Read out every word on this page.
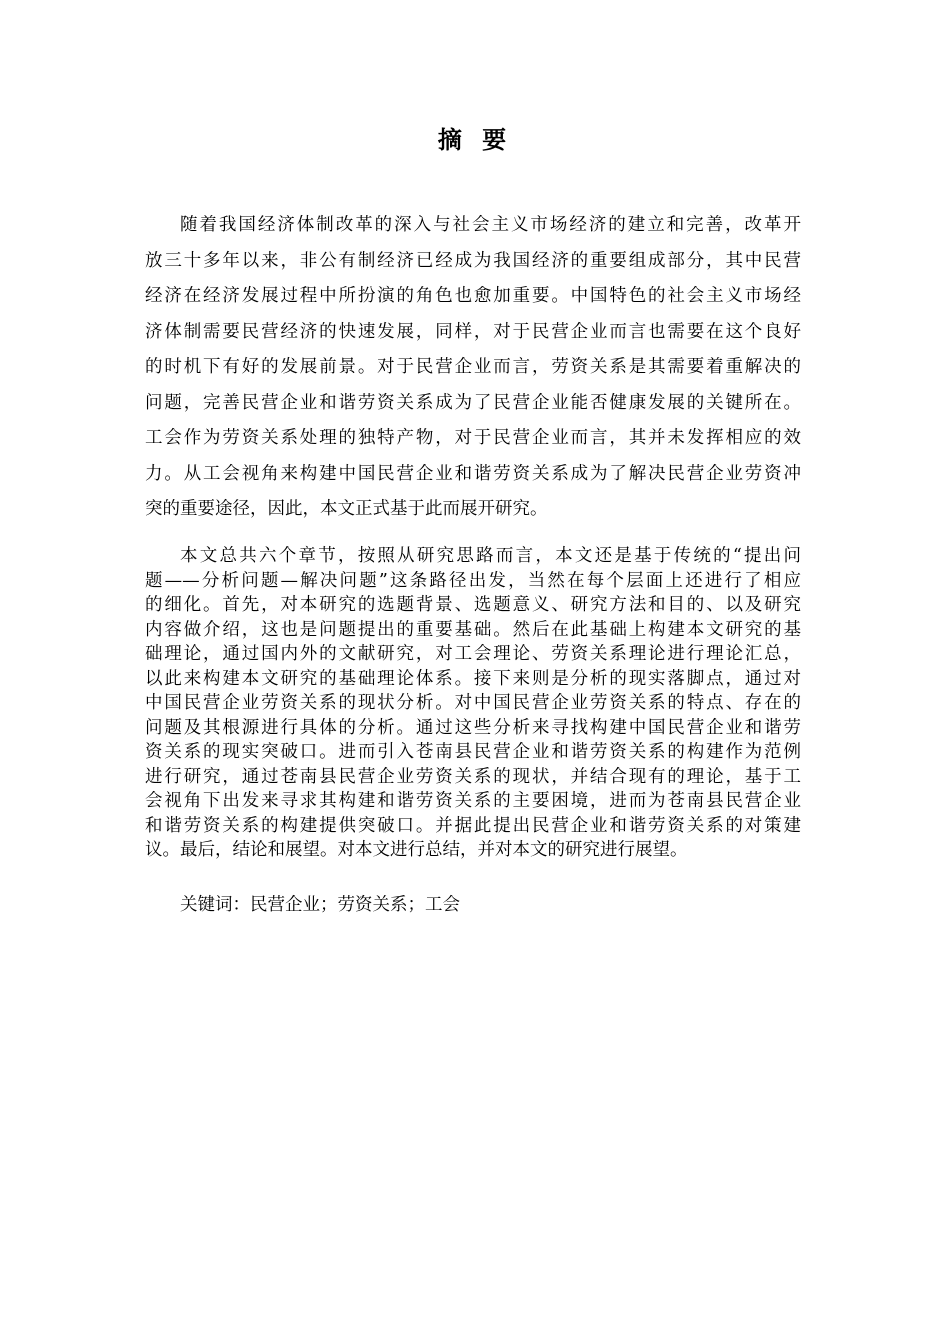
摘 要
随着我国经济体制改革的深入与社会主义市场经济的建立和完善，改革开
放三十多年以来，非公有制经济已经成为我国经济的重要组成部分，其中民营
经济在经济发展过程中所扮演的角色也愈加重要。中国特色的社会主义市场经
济体制需要民营经济的快速发展，同样，对于民营企业而言也需要在这个良好
的时机下有好的发展前景。对于民营企业而言，劳资关系是其需要着重解决的
问题，完善民营企业和谐劳资关系成为了民营企业能否健康发展的关键所在。
工会作为劳资关系处理的独特产物，对于民营企业而言，其并未发挥相应的效
力。从工会视角来构建中国民营企业和谐劳资关系成为了解决民营企业劳资冲
突的重要途径，因此，本文正式基于此而展开研究。
本文总共六个章节，按照从研究思路而言，本文还是基于传统的“提出问
题——分析问题—解决问题”这条路径出发，当然在每个层面上还进行了相应
的细化。首先，对本研究的选题背景、选题意义、研究方法和目的、以及研究
内容做介绍，这也是问题提出的重要基础。然后在此基础上构建本文研究的基
础理论，通过国内外的文献研究，对工会理论、劳资关系理论进行理论汇总，
以此来构建本文研究的基础理论体系。接下来则是分析的现实落脚点，通过对
中国民营企业劳资关系的现状分析。对中国民营企业劳资关系的特点、存在的
问题及其根源进行具体的分析。通过这些分析来寻找构建中国民营企业和谐劳
资关系的现实突破口。进而引入苍南县民营企业和谐劳资关系的构建作为范例
进行研究，通过苍南县民营企业劳资关系的现状，并结合现有的理论，基于工
会视角下出发来寻求其构建和谐劳资关系的主要困境，进而为苍南县民营企业
和谐劳资关系的构建提供突破口。并据此提出民营企业和谐劳资关系的对策建
议。最后，结论和展望。对本文进行总结，并对本文的研究进行展望。
关键词：民营企业；劳资关系；工会
